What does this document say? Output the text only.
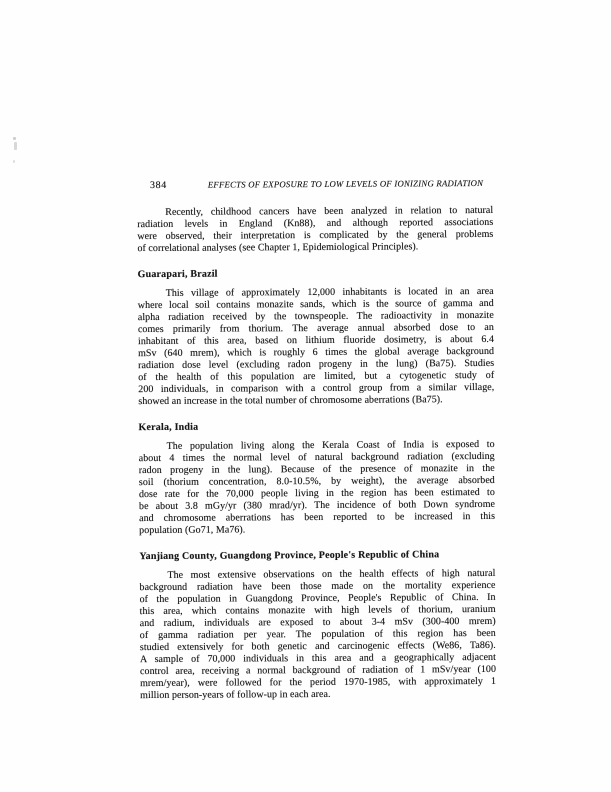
384	EFFECTS OF EXPOSURE TO LOW LEVELS OF IONIZING RADIATION
Recently, childhood cancers have been analyzed in relation to natural
radiation levels in England (Kn88), and although reported associations
were observed, their interpretation is complicated by the general problems
of correlational analyses (see Chapter 1, Epidemiological Principles).
Guarapari, Brazil
This village of approximately 12,000 inhabitants is located in an area
where local soil contains monazite sands, which is the source of gamma and
alpha radiation received by the townspeople. The radioactivity in monazite
comes primarily from thorium. The average annual absorbed dose to an
inhabitant of this area, based on lithium fluoride dosimetry, is about 6.4
mSv (640 mrem), which is roughly 6 times the global average background
radiation dose level (excluding radon progeny in the lung) (Ba75). Studies
of the health of this population are limited, but a cytogenetic study of
200 individuals, in comparison with a control group from a similar village,
showed an increase in the total number of chromosome aberrations (Ba75).
Kerala, India
The population living along the Kerala Coast of India is exposed to
about 4 times the normal level of natural background radiation (excluding
radon progeny in the lung). Because of the presence of monazite in the
soil (thorium concentration, 8.0-10.5%, by weight), the average absorbed
dose rate for the 70,000 people living in the region has been estimated to
be about 3.8 mGy/yr (380 mrad/yr). The incidence of both Down syndrome
and chromosome aberrations has been reported to be increased in this
population (Go71, Ma76).
Yanjiang County, Guangdong Province, People's Republic of China
The most extensive observations on the health effects of high natural
background radiation have been those made on the mortality experience
of the population in Guangdong Province, People's Republic of China. In
this area, which contains monazite with high levels of thorium, uranium
and radium, individuals are exposed to about 3-4 mSv (300-400 mrem)
of gamma radiation per year. The population of this region has been
studied extensively for both genetic and carcinogenic effects (We86, Ta86).
A sample of 70,000 individuals in this area and a geographically adjacent
control area, receiving a normal background of radiation of 1 mSv/year (100
mrem/year), were followed for the period 1970-1985, with approximately 1
million person-years of follow-up in each area.
